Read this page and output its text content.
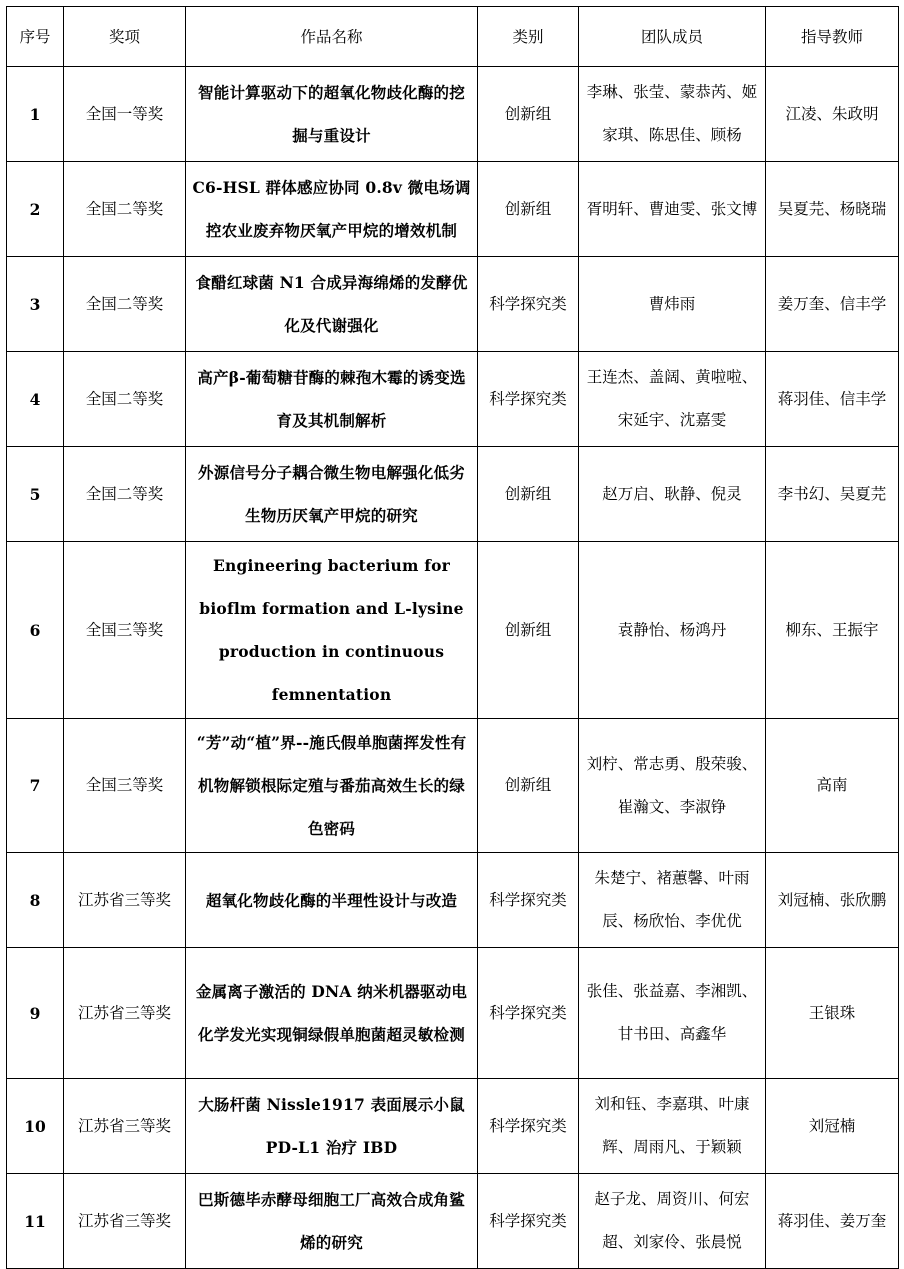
序号	奖项	作品名称	类别	团队成员	指导教师
1	全国一等奖	智能计算驱动下的超氧化物歧化酶的挖掘与重设计	创新组	李琳、张莹、蒙恭芮、姬家琪、陈思佳、顾杨	江凌、朱政明
2	全国二等奖	C6-HSL 群体感应协同 0.8v 微电场调控农业废弃物厌氧产甲烷的增效机制	创新组	胥明轩、曹迪雯、张文博	吴夏芫、杨晓瑞
3	全国二等奖	食醋红球菌 N1 合成异海绵烯的发酵优化及代谢强化	科学探究类	曹炜雨	姜万奎、信丰学
4	全国二等奖	高产β-葡萄糖苷酶的棘孢木霉的诱变选育及其机制解析	科学探究类	王连杰、盖阔、黄啦啦、宋延宇、沈嘉雯	蒋羽佳、信丰学
5	全国二等奖	外源信号分子耦合微生物电解强化低劣生物历厌氧产甲烷的研究	创新组	赵万启、耿静、倪灵	李书幻、吴夏芫
6	全国三等奖	Engineering bacterium for bioflm formation and L-lysine production in continuous femnentation	创新组	袁静怡、杨鸿丹	柳东、王振宇
7	全国三等奖	“芳”动“植”界--施氏假单胞菌挥发性有机物解锁根际定殖与番茄高效生长的绿色密码	创新组	刘柠、常志勇、殷荣骏、崔瀚文、李淑铮	高南
8	江苏省三等奖	超氧化物歧化酶的半理性设计与改造	科学探究类	朱楚宁、褚蕙馨、叶雨辰、杨欣怡、李优优	刘冠楠、张欣鹏
9	江苏省三等奖	金属离子激活的 DNA 纳米机器驱动电化学发光实现铜绿假单胞菌超灵敏检测	科学探究类	张佳、张益嘉、李湘凯、甘书田、高鑫华	王银珠
10	江苏省三等奖	大肠杆菌 Nissle1917 表面展示小鼠 PD-L1 治疗 IBD	科学探究类	刘和钰、李嘉琪、叶康辉、周雨凡、于颖颖	刘冠楠
11	江苏省三等奖	巴斯德毕赤酵母细胞工厂高效合成角鲨烯的研究	科学探究类	赵子龙、周资川、何宏超、刘家伶、张晨悦	蒋羽佳、姜万奎
